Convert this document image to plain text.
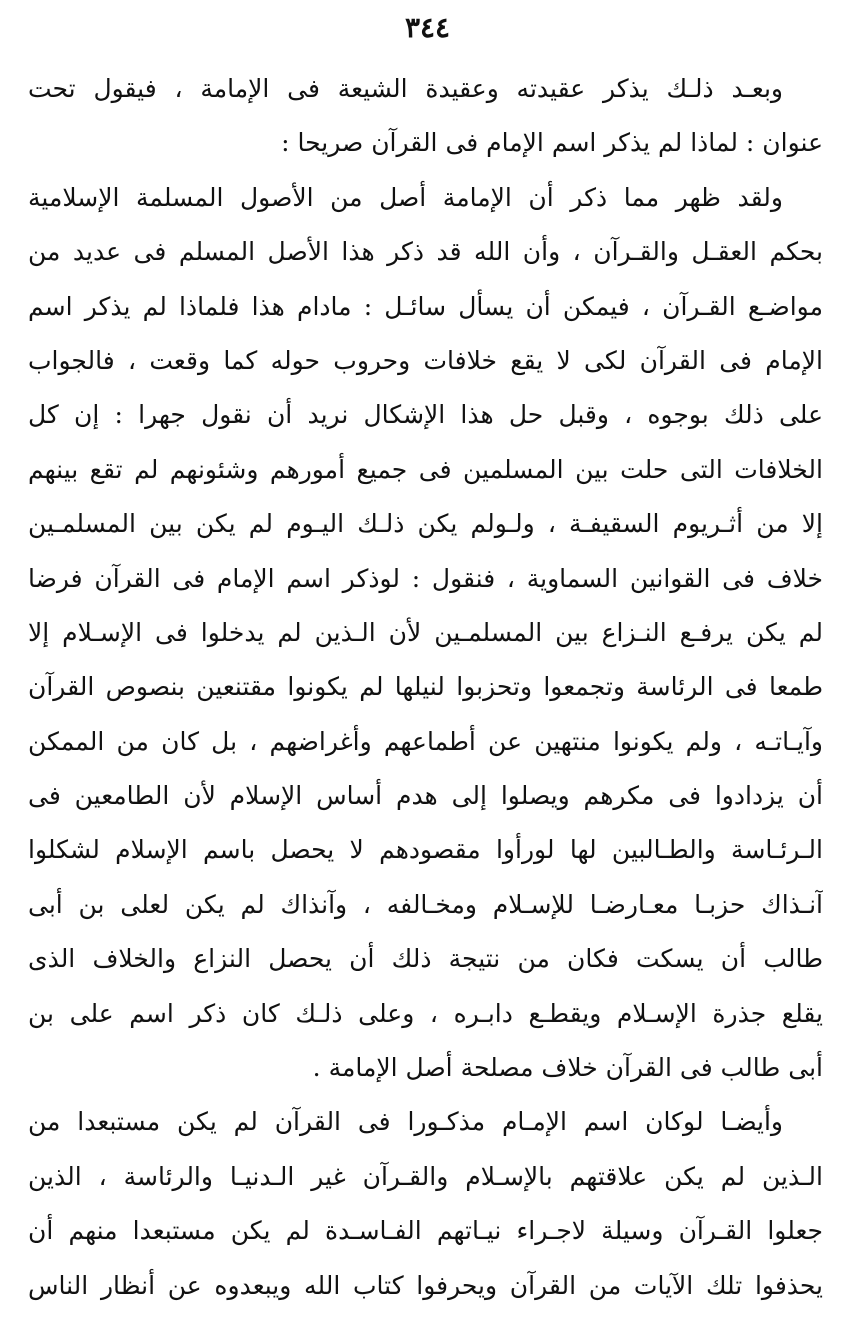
٣٤٤
وبعـد ذلـك يذكر عقيدته وعقيدة الشيعة فى الإمامة ، فيقول تحت
عنوان : لماذا لم يذكر اسم الإمام فى القرآن صريحا :
ولقد ظهر مما ذكر أن الإمامة أصل من الأصول المسلمة الإسلامية
بحكم العقـل والقـرآن ، وأن الله قد ذكر هذا الأصل المسلم فى عديد من
مواضـع القـرآن ، فيمكن أن يسأل سائـل : مادام هذا فلماذا لم يذكر اسم
الإمام فى القرآن لكى لا يقع خلافات وحروب حوله كما وقعت ، فالجواب
على ذلك بوجوه ، وقبل حل هذا الإشكال نريد أن نقول جهرا : إن كل
الخلافات التى حلت بين المسلمين فى جميع أمورهم وشئونهم لم تقع بينهم
إلا من أثـريوم السقيفـة ، ولـولم يكن ذلـك اليـوم لم يكن بين المسلمـين
خلاف فى القوانين السماوية ، فنقول : لوذكر اسم الإمام فى القرآن فرضا
لم يكن يرفـع النـزاع بين المسلمـين لأن الـذين لم يدخلوا فى الإسـلام إلا
طمعا فى الرئاسة وتجمعوا وتحزبوا لنيلها لم يكونوا مقتنعين بنصوص القرآن
وآيـاتـه ، ولم يكونوا منتهين عن أطماعهم وأغراضهم ، بل كان من الممكن
أن يزدادوا فى مكرهم ويصلوا إلى هدم أساس الإسلام لأن الطامعين فى
الـرئـاسة والطـالبين لها لورأوا مقصودهم لا يحصل باسم الإسلام لشكلوا
آنـذاك حزبـا معـارضـا للإسـلام ومخـالفه ، وآنذاك لم يكن لعلى بن أبى
طالب أن يسكت فكان من نتيجة ذلك أن يحصل النزاع والخلاف الذى
يقلع جذرة الإسـلام ويقطـع دابـره ، وعلى ذلـك كان ذكر اسم على بن
أبى طالب فى القرآن خلاف مصلحة أصل الإمامة .
وأيضـا لوكان اسم الإمـام مذكـورا فى القرآن لم يكن مستبعدا من
الـذين لم يكن علاقتهم بالإسـلام والقـرآن غير الـدنيـا والرئاسة ، الذين
جعلوا القـرآن وسيلة لاجـراء نيـاتهم الفـاسـدة لم يكن مستبعدا منهم أن
يحذفوا تلك الآيات من القرآن ويحرفوا كتاب الله ويبعدوه عن أنظار الناس
